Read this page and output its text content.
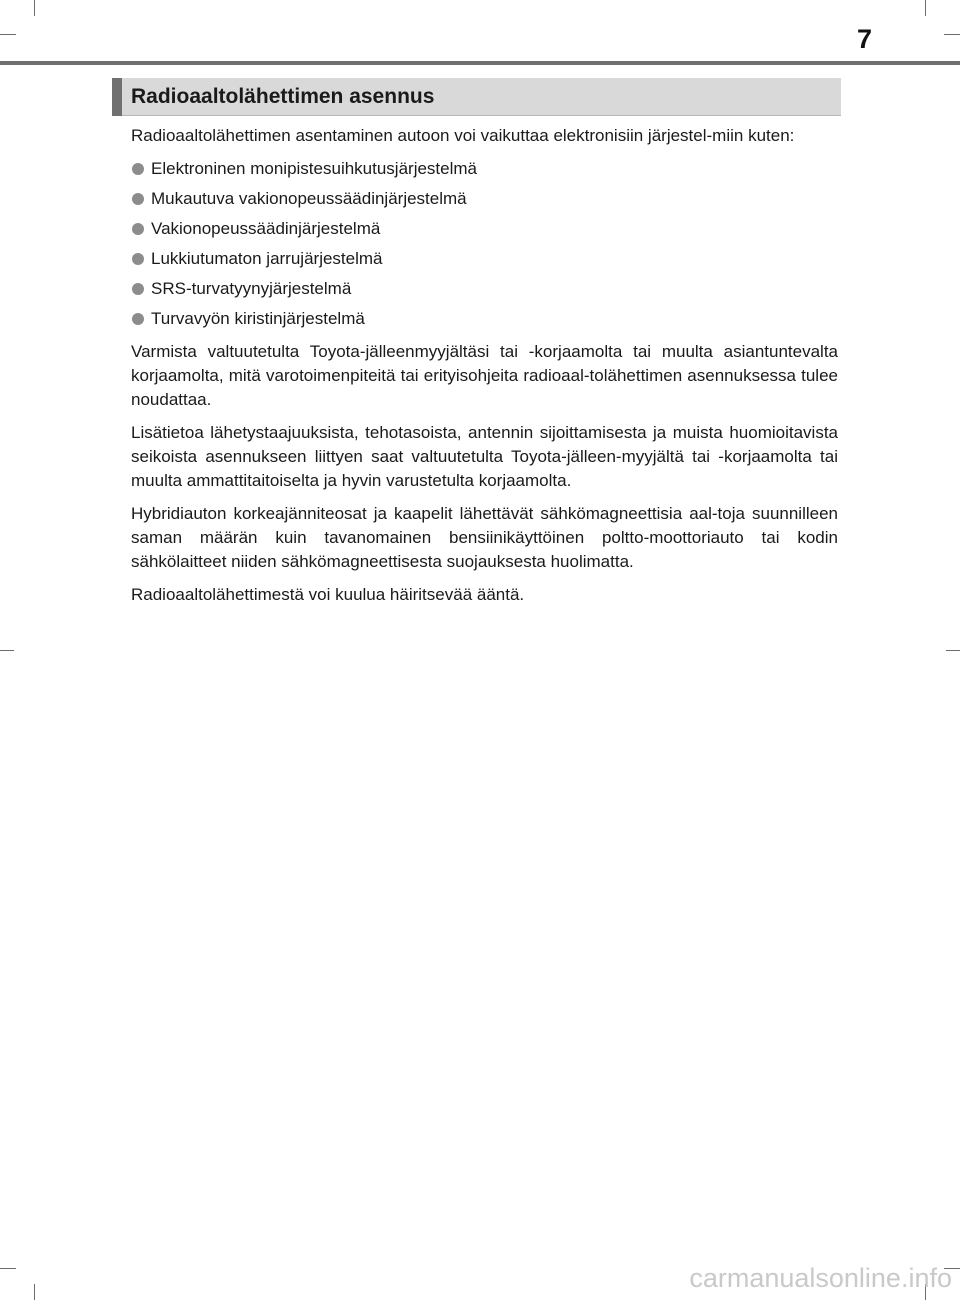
7
Radioaaltolähettimen asennus

Radioaaltolähettimen asentaminen autoon voi vaikuttaa elektronisiin järjestel-miin kuten:

Elektroninen monipistesuihkutusjärjestelmä
Mukautuva vakionopeussäädinjärjestelmä
Vakionopeussäädinjärjestelmä
Lukkiutumaton jarrujärjestelmä
SRS-turvatyynyjärjestelmä
Turvavyön kiristinjärjestelmä

Varmista valtuutetulta Toyota-jälleenmyyjältäsi tai -korjaamolta tai muulta asiantuntevalta korjaamolta, mitä varotoimenpiteitä tai erityisohjeita radioaal-tolähettimen asennuksessa tulee noudattaa.

Lisätietoa lähetystaajuuksista, tehotasoista, antennin sijoittamisesta ja muista huomioitavista seikoista asennukseen liittyen saat valtuutetulta Toyota-jälleen-myyjältä tai -korjaamolta tai muulta ammattitaitoiselta ja hyvin varustetulta korjaamolta.

Hybridiauton korkeajänniteosat ja kaapelit lähettävät sähkömagneettisia aal-toja suunnilleen saman määrän kuin tavanomainen bensiinikäyttöinen poltto-moottoriauto tai kodin sähkölaitteet niiden sähkömagneettisesta suojauksesta huolimatta.

Radioaaltolähettimestä voi kuulua häiritsevää ääntä.

carmanualsonline.info
